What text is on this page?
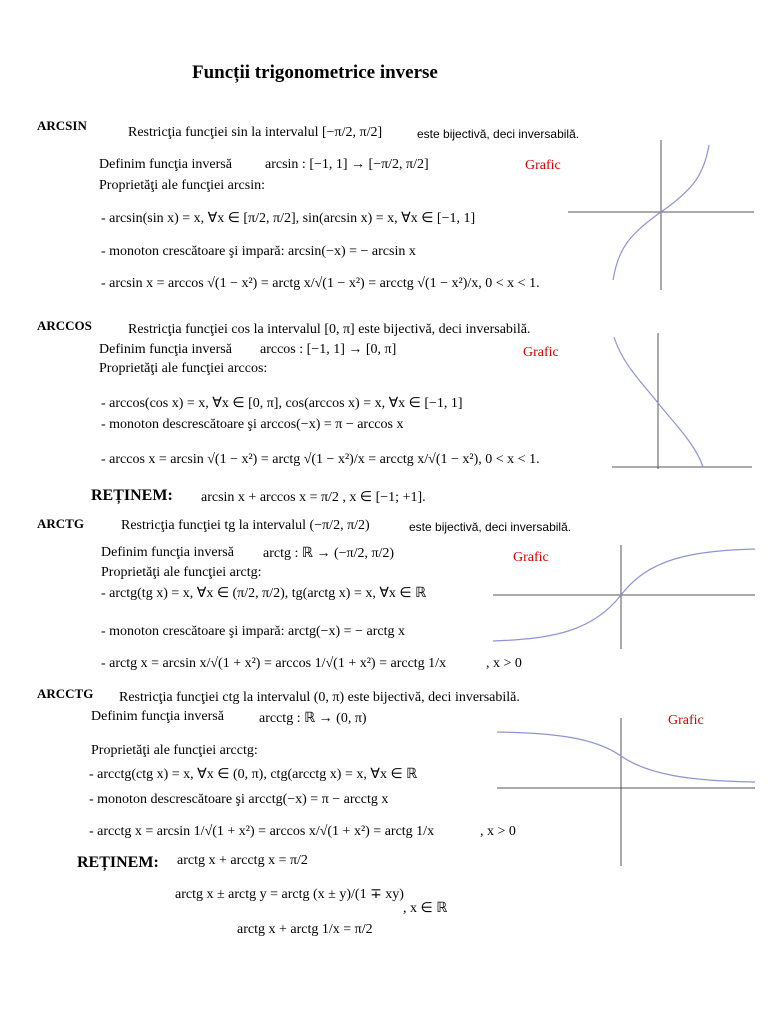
Funcții trigonometrice inverse
ARCSIN	Restricţia funcţiei sin la intervalul [−π/2, π/2]	este bijectivă, deci inversabilă.
Definim funcţia inversă arcsin : [−1, 1] → [−π/2, π/2]
Proprietăţi ale funcţiei arcsin:
- arcsin(sin x) = x, ∀x ∈ [π/2, π/2], sin(arcsin x) = x, ∀x ∈ [−1, 1]
- monoton crescătoare şi impară: arcsin(−x) = − arcsin x
- arcsin x = arccos √(1 − x²) = arctg x/√(1 − x²) = arcctg √(1 − x²)/x, 0 < x < 1.
Grafic
ARCCOS	Restricţia funcţiei cos la intervalul [0, π] este bijectivă, deci inversabilă.
Definim funcţia inversă arccos : [−1, 1] → [0, π]
Proprietăţi ale funcţiei arccos:
- arccos(cos x) = x, ∀x ∈ [0, π], cos(arccos x) = x, ∀x ∈ [−1, 1]
- monoton descrescătoare şi arccos(−x) = π − arccos x
- arccos x = arcsin √(1 − x²) = arctg √(1 − x²)/x = arcctg x/√(1 − x²), 0 < x < 1.
Grafic
REȚINEM: arcsin x + arccos x = π/2 , x ∈ [−1; +1].
ARCTG	Restricţia funcţiei tg la intervalul (−π/2, π/2)	este bijectivă, deci inversabilă.
Definim funcţia inversă arctg : ℝ → (−π/2, π/2)
Proprietăţi ale funcţiei arctg:
- arctg(tg x) = x, ∀x ∈ (π/2, π/2), tg(arctg x) = x, ∀x ∈ ℝ
- monoton crescătoare şi impară: arctg(−x) = − arctg x
- arctg x = arcsin x/√(1 + x²) = arccos 1/√(1 + x²) = arcctg 1/x	, x > 0
Grafic
ARCCTG Restricţia funcţiei ctg la intervalul (0, π) este bijectivă, deci inversabilă.
Definim funcţia inversă	arcctg : ℝ → (0, π)
Proprietăţi ale funcţiei arcctg:
- arcctg(ctg x) = x, ∀x ∈ (0, π), ctg(arcctg x) = x, ∀x ∈ ℝ
- monoton descrescătoare şi arcctg(−x) = π − arcctg x
- arcctg x = arcsin 1/√(1 + x²) = arccos x/√(1 + x²) = arctg 1/x	, x > 0
Grafic
REȚINEM: arctg x + arcctg x = π/2
arctg x ± arctg y = arctg (x ± y)/(1 ∓ xy)
, x ∈ ℝ
arctg x + arctg 1/x = π/2
